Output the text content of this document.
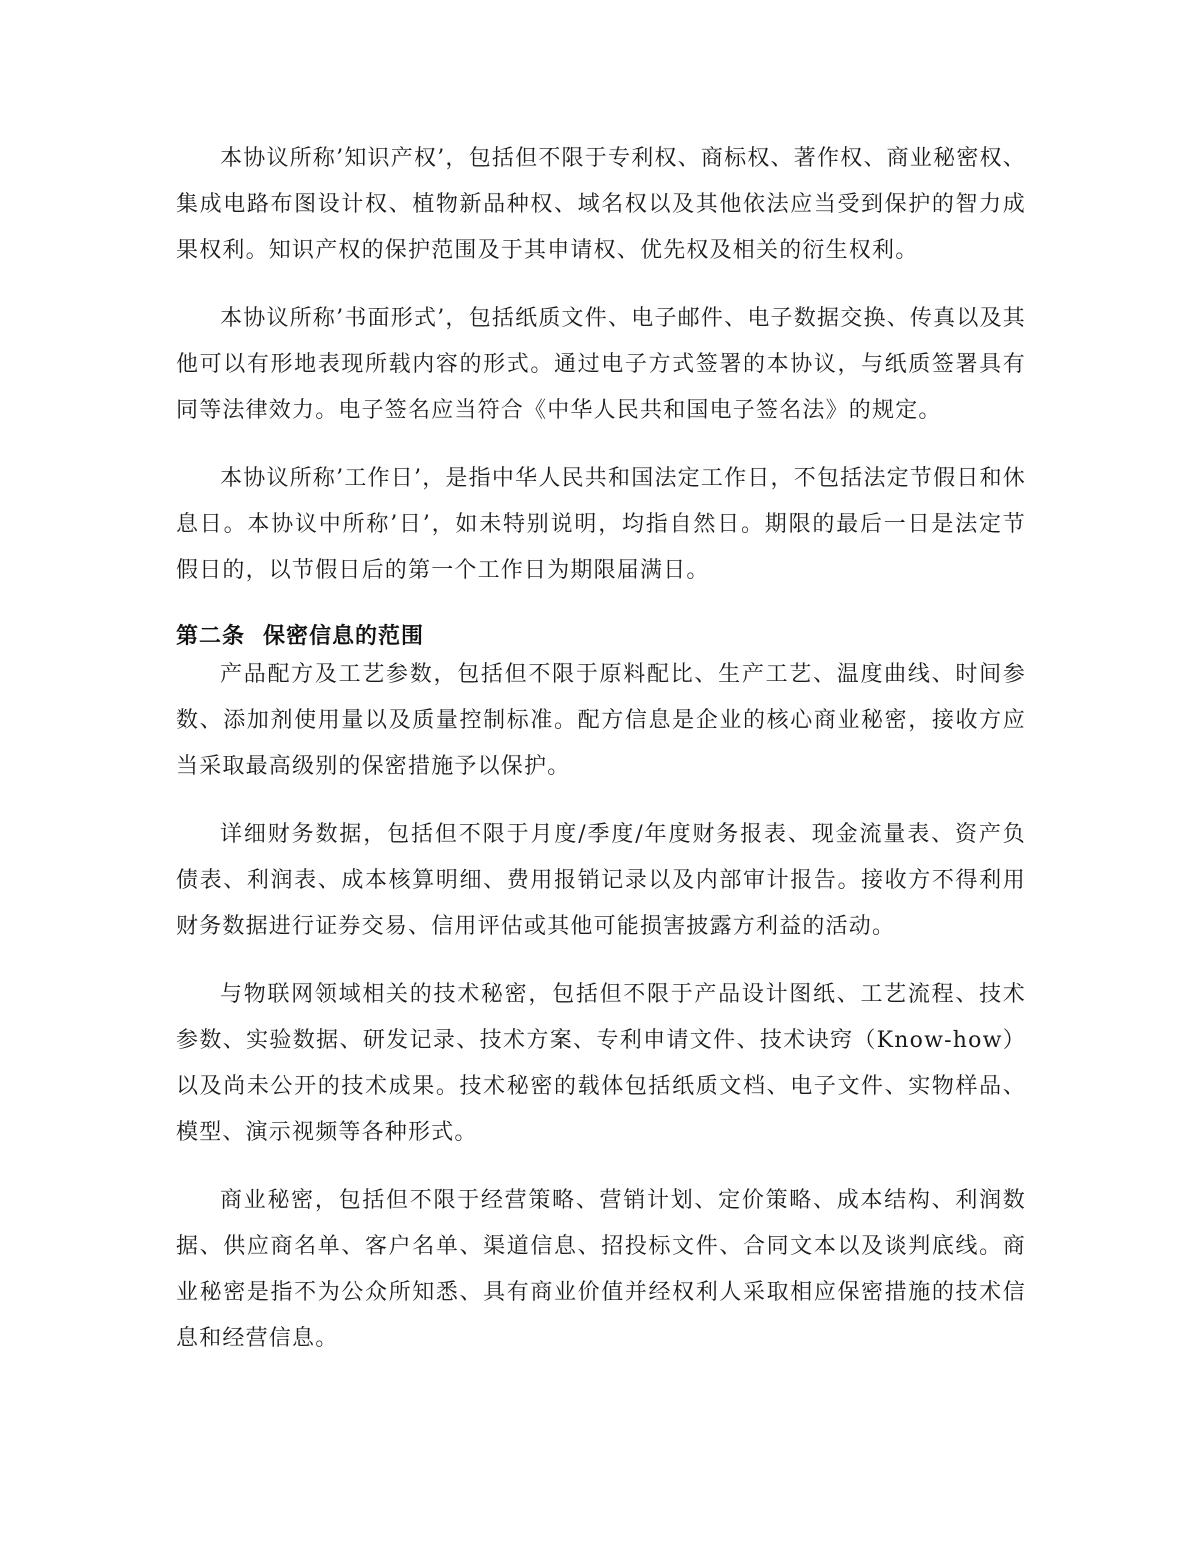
本协议所称’知识产权’，包括但不限于专利权、商标权、著作权、商业秘密权、集成电路布图设计权、植物新品种权、域名权以及其他依法应当受到保护的智力成果权利。知识产权的保护范围及于其申请权、优先权及相关的衍生权利。

本协议所称’书面形式’，包括纸质文件、电子邮件、电子数据交换、传真以及其他可以有形地表现所载内容的形式。通过电子方式签署的本协议，与纸质签署具有同等法律效力。电子签名应当符合《中华人民共和国电子签名法》的规定。

本协议所称’工作日’，是指中华人民共和国法定工作日，不包括法定节假日和休息日。本协议中所称’日’，如未特别说明，均指自然日。期限的最后一日是法定节假日的，以节假日后的第一个工作日为期限届满日。

第二条 保密信息的范围

产品配方及工艺参数，包括但不限于原料配比、生产工艺、温度曲线、时间参数、添加剂使用量以及质量控制标准。配方信息是企业的核心商业秘密，接收方应当采取最高级别的保密措施予以保护。

详细财务数据，包括但不限于月度/季度/年度财务报表、现金流量表、资产负债表、利润表、成本核算明细、费用报销记录以及内部审计报告。接收方不得利用财务数据进行证券交易、信用评估或其他可能损害披露方利益的活动。

与物联网领域相关的技术秘密，包括但不限于产品设计图纸、工艺流程、技术参数、实验数据、研发记录、技术方案、专利申请文件、技术诀窍（Know-how）以及尚未公开的技术成果。技术秘密的载体包括纸质文档、电子文件、实物样品、模型、演示视频等各种形式。

商业秘密，包括但不限于经营策略、营销计划、定价策略、成本结构、利润数据、供应商名单、客户名单、渠道信息、招投标文件、合同文本以及谈判底线。商业秘密是指不为公众所知悉、具有商业价值并经权利人采取相应保密措施的技术信息和经营信息。
